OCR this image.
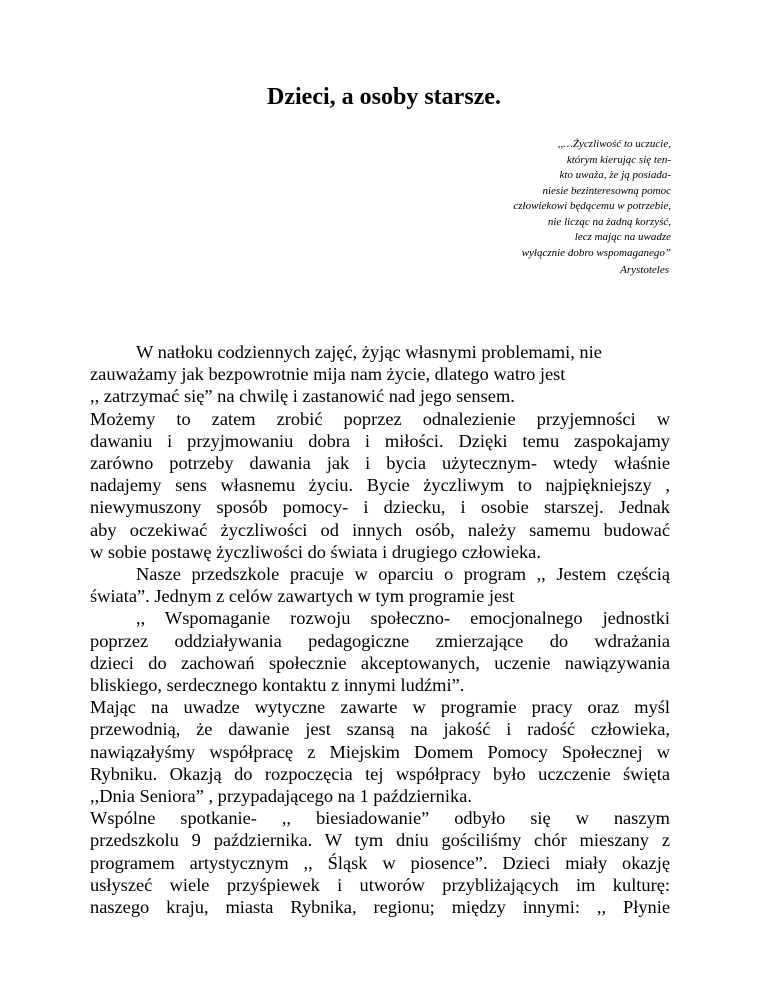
Dzieci, a osoby starsze.
,,…Życzliwość to uczucie,
którym kierując się ten-
kto uważa, że ją posiada-
niesie bezinteresowną pomoc
człowiekowi będącemu w potrzebie,
nie licząc na żadną korzyść,
lecz mając na uwadze
wyłącznie dobro wspomaganego”
Arystoteles
W natłoku codziennych zajęć, żyjąc własnymi problemami, nie
zauważamy jak bezpowrotnie mija nam życie, dlatego watro jest
,, zatrzymać się” na chwilę i zastanowić nad jego sensem.
Możemy to zatem zrobić poprzez odnalezienie przyjemności w
dawaniu i przyjmowaniu dobra i miłości. Dzięki temu zaspokajamy
zarówno potrzeby dawania jak i bycia użytecznym- wtedy właśnie
nadajemy sens własnemu życiu. Bycie życzliwym to najpiękniejszy ,
niewymuszony sposób pomocy- i dziecku, i osobie starszej. Jednak
aby oczekiwać życzliwości od innych osób, należy samemu budować
w sobie postawę życzliwości do świata i drugiego człowieka.
Nasze przedszkole pracuje w oparciu o program ,, Jestem częścią
świata”. Jednym z celów zawartych w tym programie jest
,, Wspomaganie rozwoju społeczno- emocjonalnego jednostki
poprzez oddziaływania pedagogiczne zmierzające do wdrażania
dzieci do zachowań społecznie akceptowanych, uczenie nawiązywania
bliskiego, serdecznego kontaktu z innymi ludźmi”.
Mając na uwadze wytyczne zawarte w programie pracy oraz myśl
przewodnią, że dawanie jest szansą na jakość i radość człowieka,
nawiązałyśmy współpracę z Miejskim Domem Pomocy Społecznej w
Rybniku. Okazją do rozpoczęcia tej współpracy było uczczenie święta
,,Dnia Seniora” , przypadającego na 1 października.
Wspólne spotkanie- ,, biesiadowanie” odbyło się w naszym
przedszkolu 9 października. W tym dniu gościliśmy chór mieszany z
programem artystycznym ,, Śląsk w piosence”. Dzieci miały okazję
usłyszeć wiele przyśpiewek i utworów przybliżających im kulturę:
naszego kraju, miasta Rybnika, regionu; między innymi: ,, Płynie
